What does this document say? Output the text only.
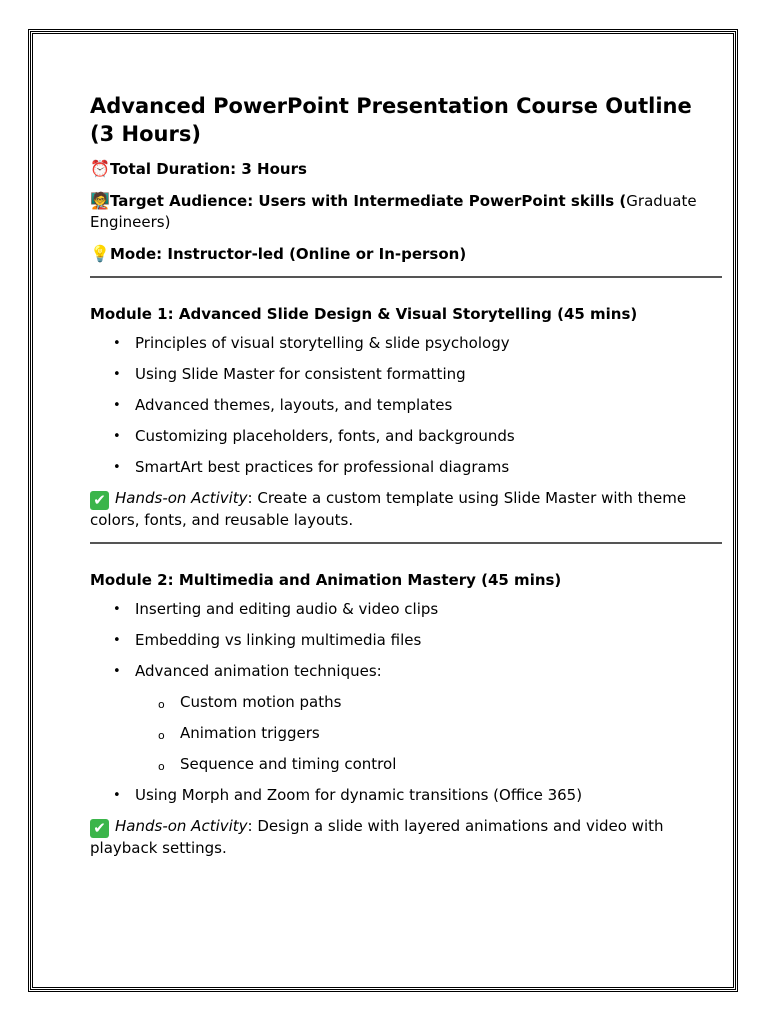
Advanced PowerPoint Presentation Course Outline (3 Hours)
⏰Total Duration: 3 Hours
🧑‍🏫Target Audience: Users with Intermediate PowerPoint skills (Graduate Engineers)
💡Mode: Instructor-led (Online or In-person)
Module 1: Advanced Slide Design & Visual Storytelling (45 mins)
• Principles of visual storytelling & slide psychology
• Using Slide Master for consistent formatting
• Advanced themes, layouts, and templates
• Customizing placeholders, fonts, and backgrounds
• SmartArt best practices for professional diagrams
✔ Hands-on Activity: Create a custom template using Slide Master with theme colors, fonts, and reusable layouts.
Module 2: Multimedia and Animation Mastery (45 mins)
• Inserting and editing audio & video clips
• Embedding vs linking multimedia files
• Advanced animation techniques:
o Custom motion paths
o Animation triggers
o Sequence and timing control
• Using Morph and Zoom for dynamic transitions (Office 365)
✔ Hands-on Activity: Design a slide with layered animations and video with playback settings.
